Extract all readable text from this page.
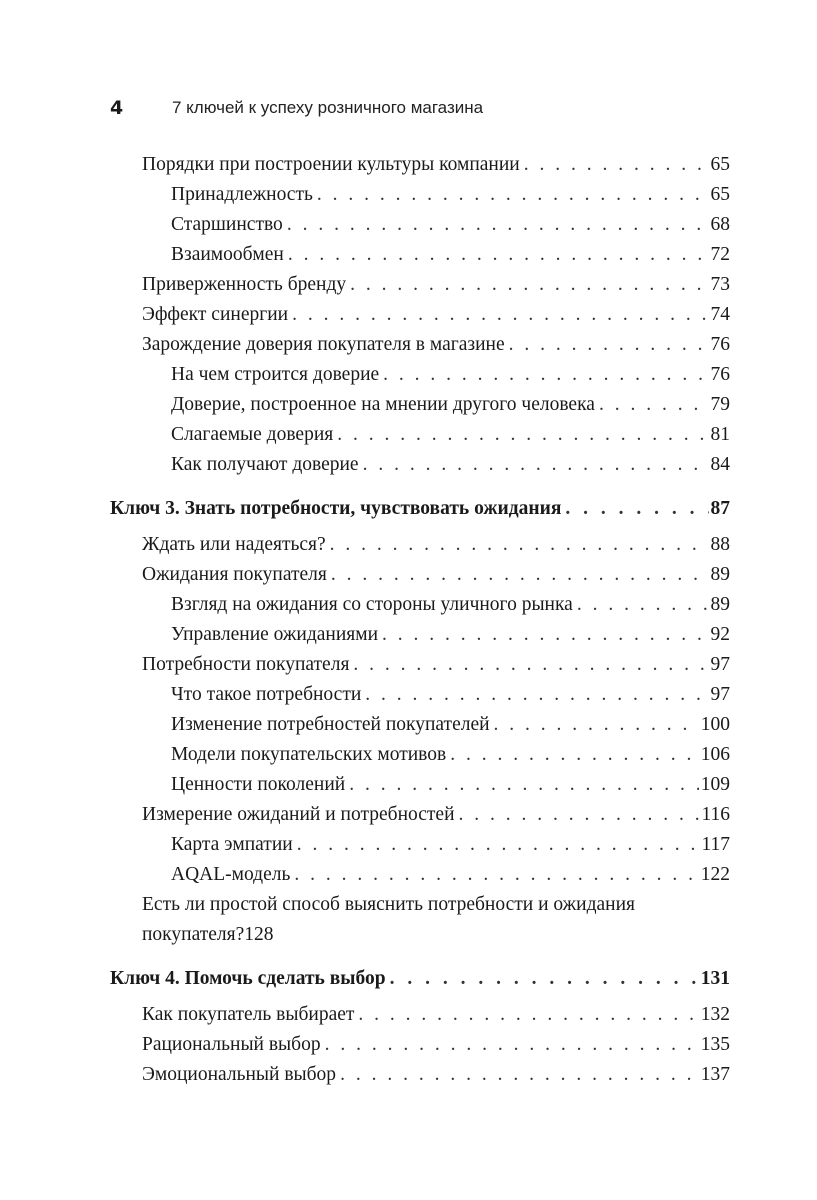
4	7 ключей к успеху розничного магазина
Порядки при построении культуры компании . . .	65
Принадлежность . . .	65
Старшинство . . .	68
Взаимообмен . . .	72
Приверженность бренду . . .	73
Эффект синергии . . .	74
Зарождение доверия покупателя в магазине . . .	76
На чем строится доверие . . .	76
Доверие, построенное на мнении другого человека . . .	79
Слагаемые доверия . . .	81
Как получают доверие . . .	84
Ключ 3. Знать потребности, чувствовать ожидания . . .	87
Ждать или надеяться? . . .	88
Ожидания покупателя . . .	89
Взгляд на ожидания со стороны уличного рынка . . .	89
Управление ожиданиями . . .	92
Потребности покупателя . . .	97
Что такое потребности . . .	97
Изменение потребностей покупателей . . .	100
Модели покупательских мотивов . . .	106
Ценности поколений . . .	109
Измерение ожиданий и потребностей . . .	116
Карта эмпатии . . .	117
AQAL-модель . . .	122
Есть ли простой способ выяснить потребности и ожидания
покупателя? 128
Ключ 4. Помочь сделать выбор . . .	131
Как покупатель выбирает . . .	132
Рациональный выбор . . .	135
Эмоциональный выбор . . .	137
